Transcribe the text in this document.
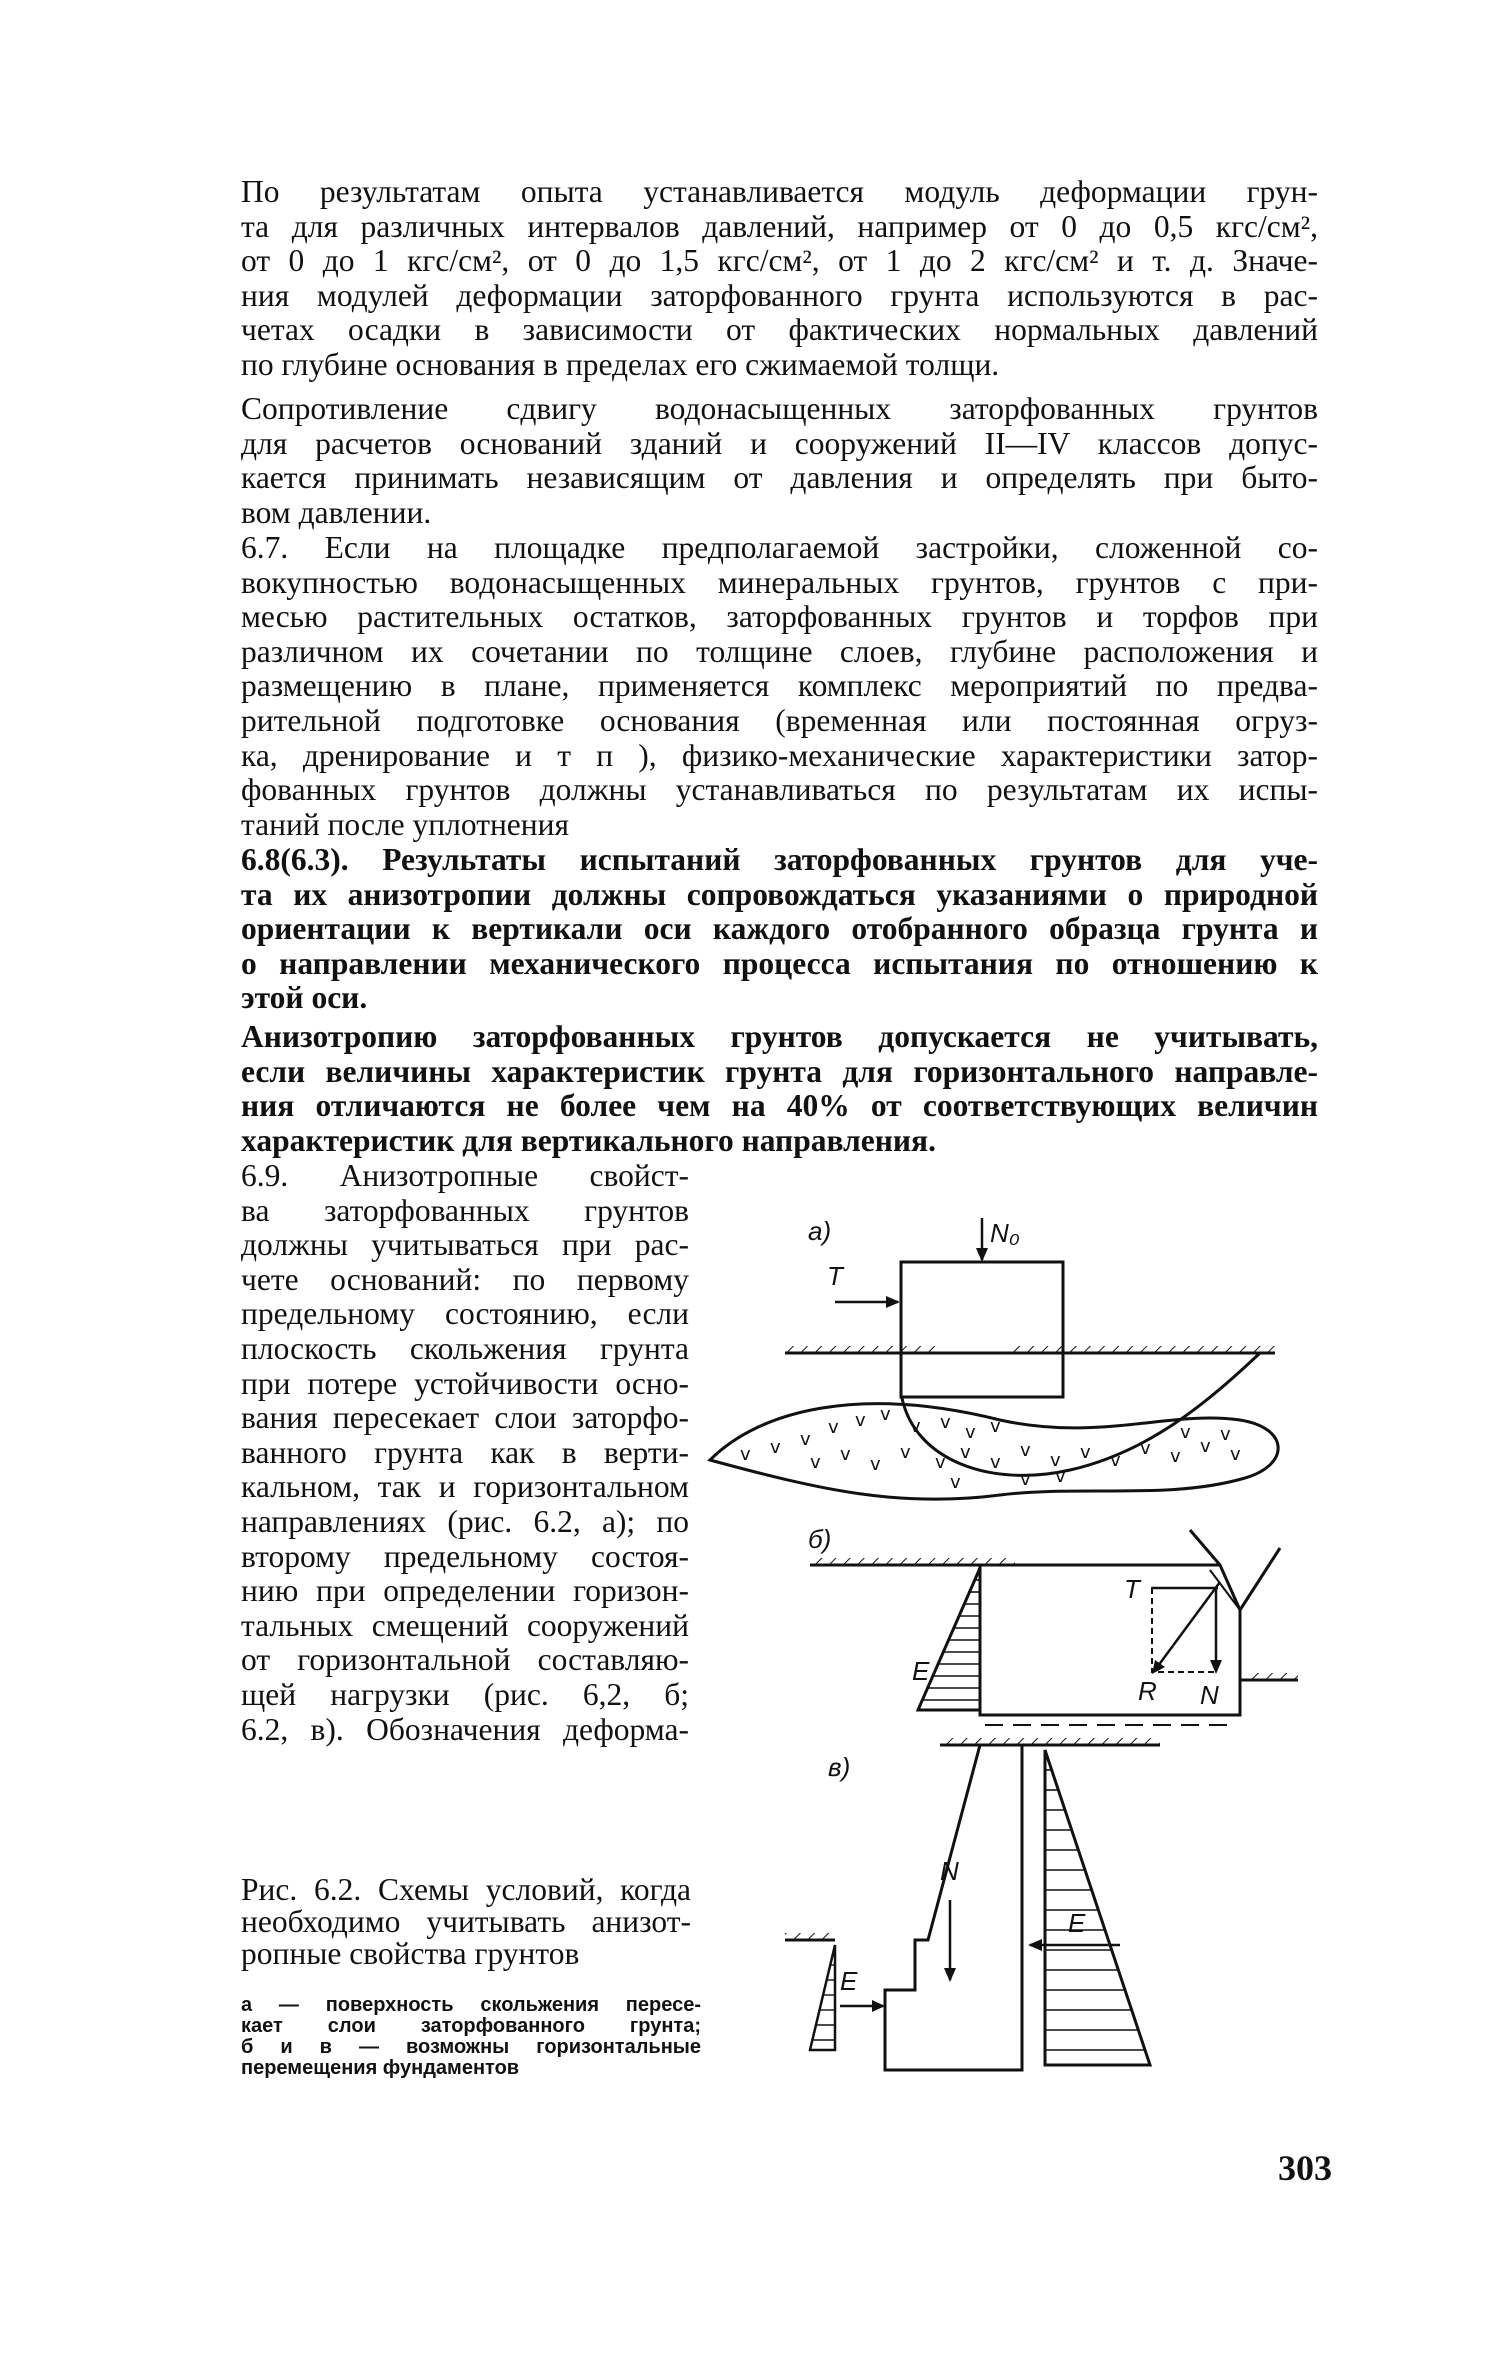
По результатам опыта устанавливается модуль деформации грун-
та для различных интервалов давлений, например от 0 до 0,5 кгс/см²,
от 0 до 1 кгс/см², от 0 до 1,5 кгс/см², от 1 до 2 кгс/см² и т. д. Значе-
ния модулей деформации заторфованного грунта используются в рас-
четах осадки в зависимости от фактических нормальных давлений
по глубине основания в пределах его сжимаемой толщи.
Сопротивление сдвигу водонасыщенных заторфованных грунтов
для расчетов оснований зданий и сооружений II—IV классов допус-
кается принимать независящим от давления и определять при быто-
вом давлении.
6.7. Если на площадке предполагаемой застройки, сложенной со-
вокупностью водонасыщенных минеральных грунтов, грунтов с при-
месью растительных остатков, заторфованных грунтов и торфов при
различном их сочетании по толщине слоев, глубине расположения и
размещению в плане, применяется комплекс мероприятий по предва-
рительной подготовке основания (временная или постоянная огруз-
ка, дренирование и т п ), физико-механические характеристики затор-
фованных грунтов должны устанавливаться по результатам их испы-
таний после уплотнения
6.8(6.3). Результаты испытаний заторфованных грунтов для уче-
та их анизотропии должны сопровождаться указаниями о природной
ориентации к вертикали оси каждого отобранного образца грунта и
о направлении механического процесса испытания по отношению к
этой оси.
Анизотропию заторфованных грунтов допускается не учитывать,
если величины характеристик грунта для горизонтального направле-
ния отличаются не более чем на 40% от соответствующих величин
характеристик для вертикального направления.
6.9. Анизотропные свойст-
ва заторфованных грунтов
должны учитываться при рас-
чете оснований: по первому
предельному состоянию, если
плоскость скольжения грунта
при потере устойчивости осно-
вания пересекает слои заторфо-
ванного грунта как в верти-
кальном, так и горизонтальном
направлениях (рис. 6.2, а); по
второму предельному состоя-
нию при определении горизон-
тальных смещений сооружений
от горизонтальной составляю-
щей нагрузки (рис. 6,2, б;
6.2, в). Обозначения деформа-
Рис. 6.2. Схемы условий, когда
необходимо учитывать анизот-
ропные свойства грунтов
а — поверхность скольжения пересе-
кает слои заторфованного грунта;
б и в — возможны горизонтальные
перемещения фундаментов
а)	N₀
T
v v
v v v
v v v v
v v v
v v v v
v v v v
v v v v
v v
v
v
v
v
б)
E
T
R N
в)
N
E
E
303
